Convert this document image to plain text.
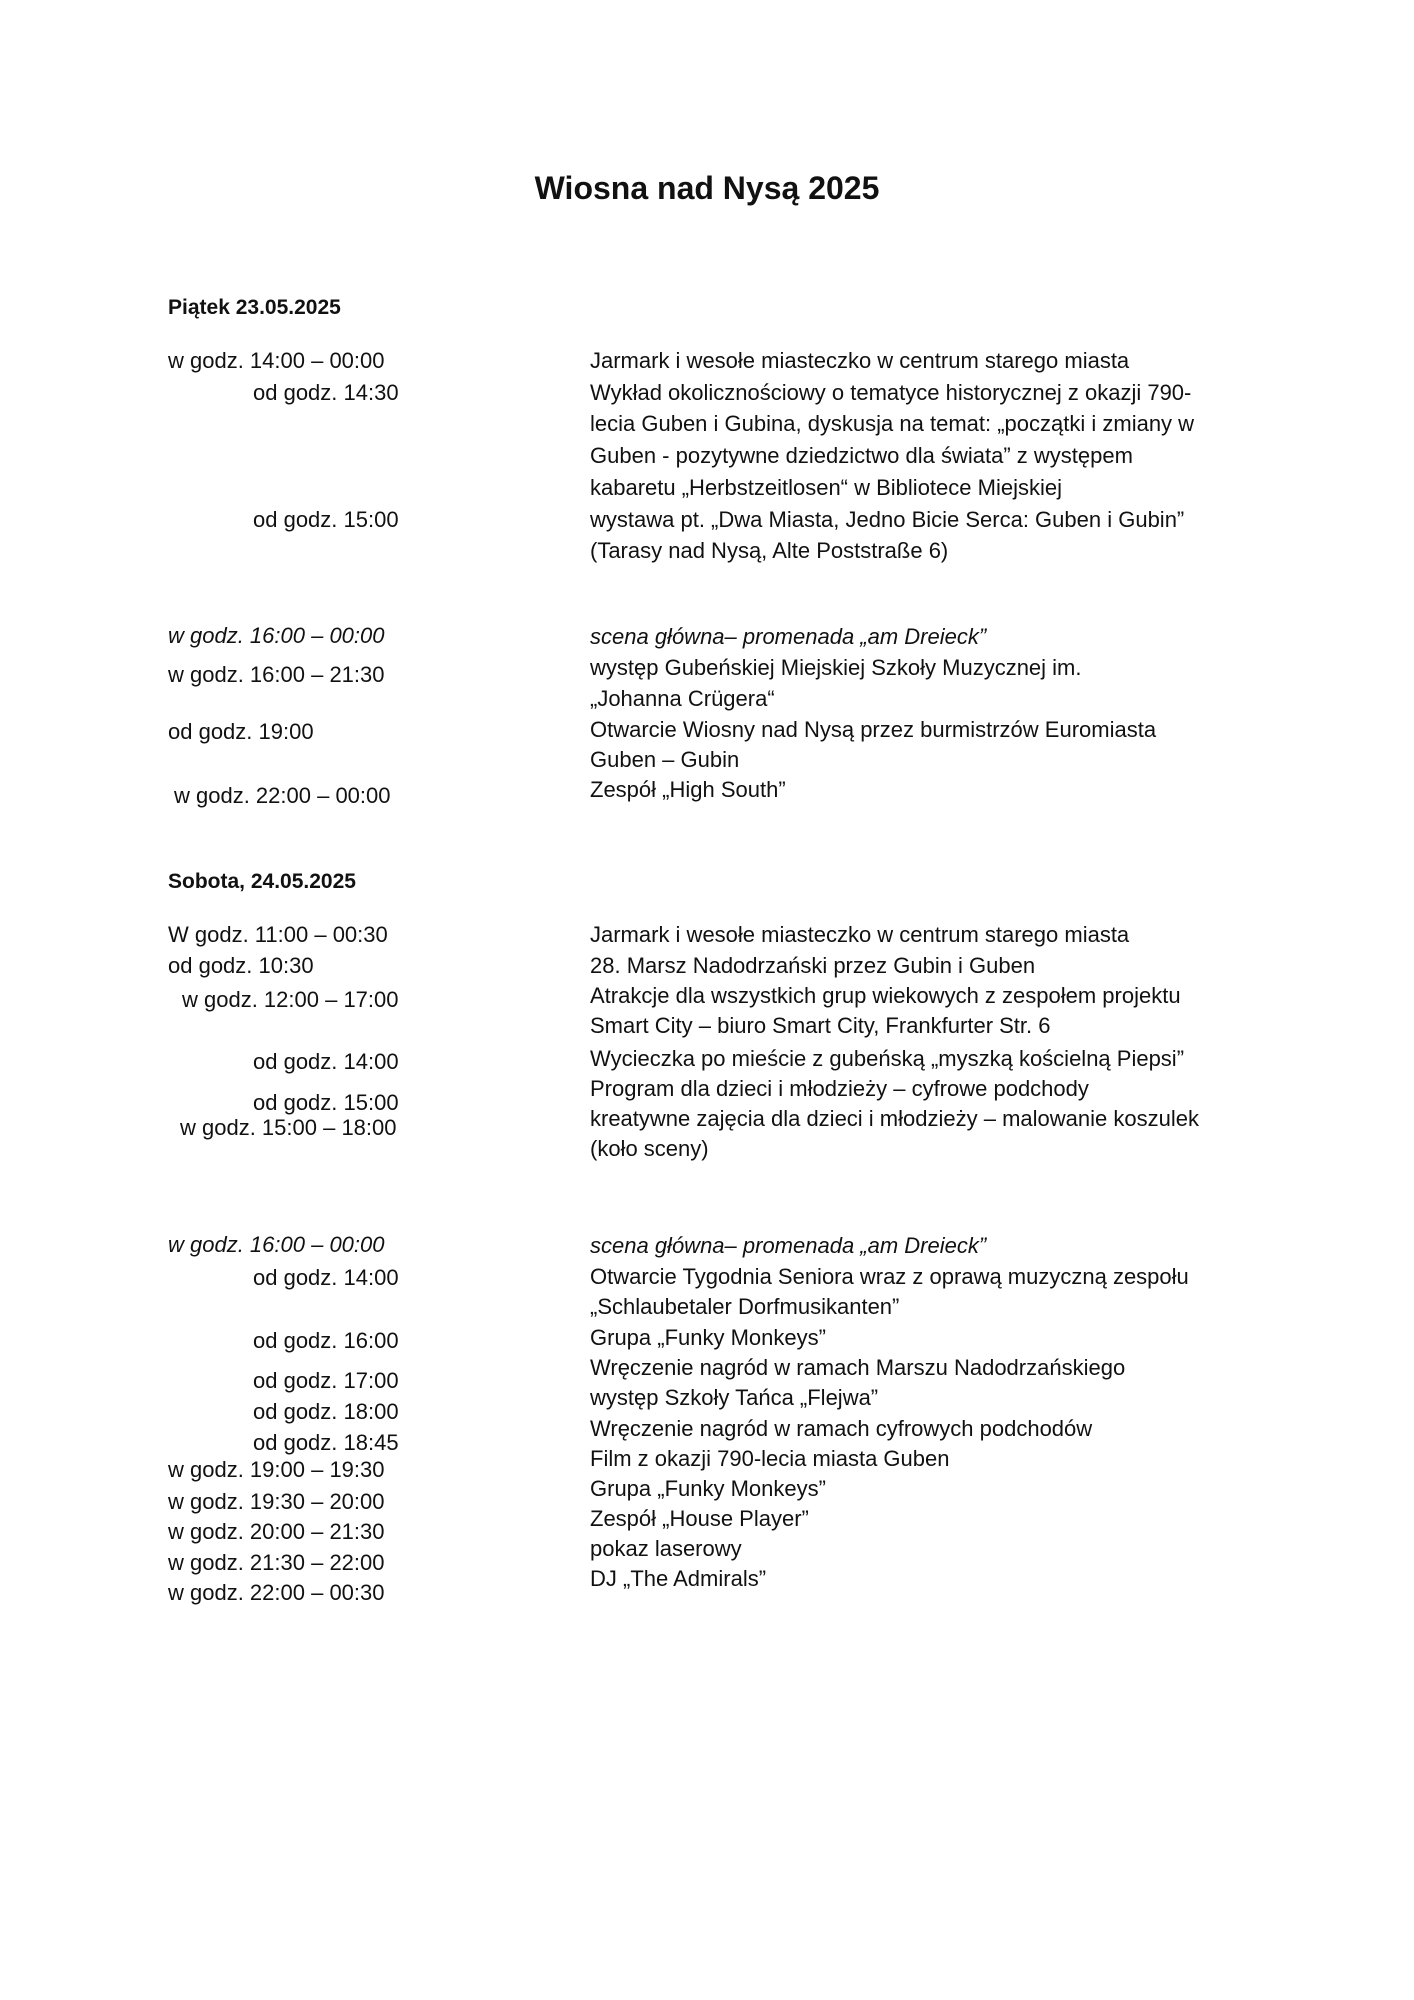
Wiosna nad Nysą 2025
Piątek 23.05.2025
w godz. 14:00 – 00:00
od godz. 14:30
od godz. 15:00
w godz. 16:00 – 00:00
w godz. 16:00 – 21:30
od godz. 19:00
w godz. 22:00 – 00:00
Jarmark i wesołe miasteczko w centrum starego miasta
Wykład okolicznościowy o tematyce historycznej z okazji 790-
lecia Guben i Gubina, dyskusja na temat: „początki i zmiany w
Guben - pozytywne dziedzictwo dla świata” z występem
kabaretu „Herbstzeitlosen“ w Bibliotece Miejskiej
wystawa pt. „Dwa Miasta, Jedno Bicie Serca: Guben i Gubin”
(Tarasy nad Nysą, Alte Poststraße 6)
scena główna– promenada „am Dreieck”
występ Gubeńskiej Miejskiej Szkoły Muzycznej im.
„Johanna Crügera“
Otwarcie Wiosny nad Nysą przez burmistrzów Euromiasta
Guben – Gubin
Zespół „High South”
Sobota, 24.05.2025
W godz. 11:00 – 00:30
od godz. 10:30
w godz. 12:00 – 17:00
od godz. 14:00
od godz. 15:00
w godz. 15:00 – 18:00
w godz. 16:00 – 00:00
od godz. 14:00
od godz. 16:00
od godz. 17:00
od godz. 18:00
od godz. 18:45
w godz. 19:00 – 19:30
w godz. 19:30 – 20:00
w godz. 20:00 – 21:30
w godz. 21:30 – 22:00
w godz. 22:00 – 00:30
Jarmark i wesołe miasteczko w centrum starego miasta
28. Marsz Nadodrzański przez Gubin i Guben
Atrakcje dla wszystkich grup wiekowych z zespołem projektu
Smart City – biuro Smart City, Frankfurter Str. 6
Wycieczka po mieście z gubeńską „myszką kościelną Piepsi”
Program dla dzieci i młodzieży – cyfrowe podchody
kreatywne zajęcia dla dzieci i młodzieży – malowanie koszulek
(koło sceny)
scena główna– promenada „am Dreieck”
Otwarcie Tygodnia Seniora wraz z oprawą muzyczną zespołu
„Schlaubetaler Dorfmusikanten”
Grupa „Funky Monkeys”
Wręczenie nagród w ramach Marszu Nadodrzańskiego
występ Szkoły Tańca „Flejwa”
Wręczenie nagród w ramach cyfrowych podchodów
Film z okazji 790-lecia miasta Guben
Grupa „Funky Monkeys”
Zespół „House Player”
pokaz laserowy
DJ „The Admirals”
